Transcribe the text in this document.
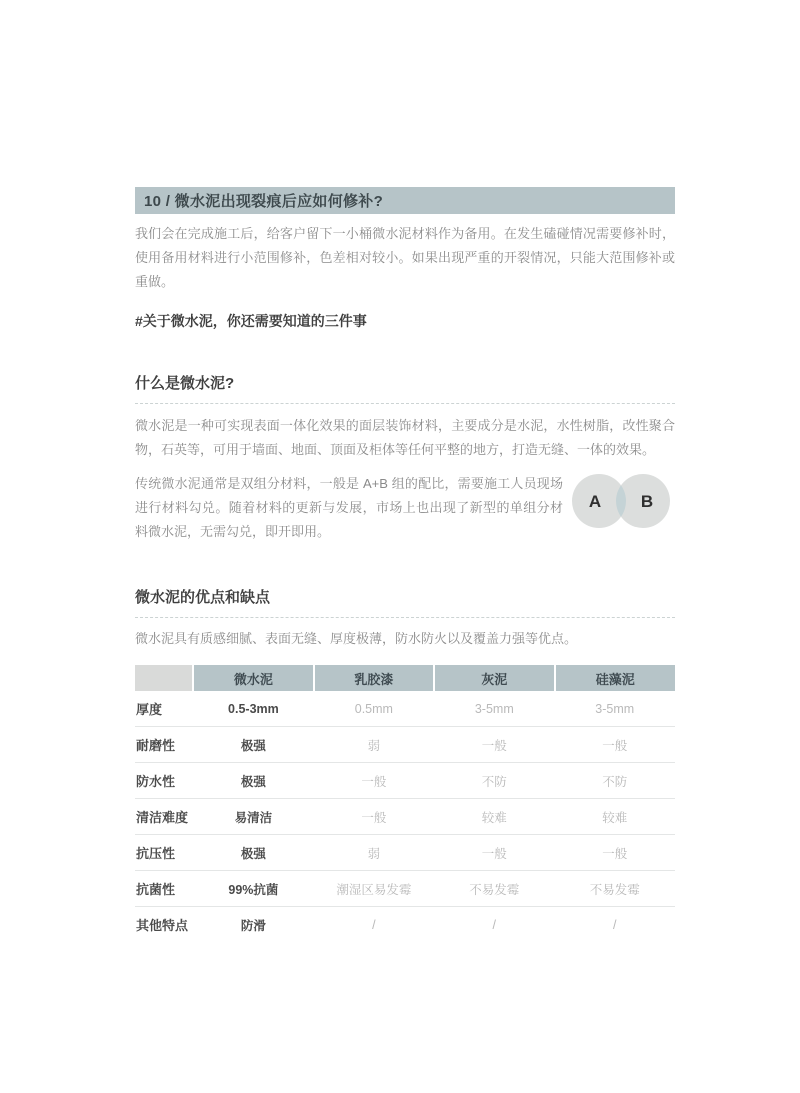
10 / 微水泥出现裂痕后应如何修补?

我们会在完成施工后，给客户留下一小桶微水泥材料作为备用。在发生磕碰情况需要修补时，使用备用材料进行小范围修补，色差相对较小。如果出现严重的开裂情况，只能大范围修补或重做。

#关于微水泥，你还需要知道的三件事
什么是微水泥?

微水泥是一种可实现表面一体化效果的面层装饰材料，主要成分是水泥，水性树脂，改性聚合物，石英等，可用于墙面、地面、顶面及柜体等任何平整的地方，打造无缝、一体的效果。

传统微水泥通常是双组分材料，一般是 A+B 组的配比，需要施工人员现场进行材料勾兑。随着材料的更新与发展，市场上也出现了新型的单组分材料微水泥，无需勾兑，即开即用。

A B
微水泥的优点和缺点

微水泥具有质感细腻、表面无缝、厚度极薄，防水防火以及覆盖力强等优点。

	微水泥	乳胶漆	灰泥	硅藻泥
厚度	0.5-3mm	0.5mm	3-5mm	3-5mm
耐磨性	极强	弱	一般	一般
防水性	极强	一般	不防	不防
清洁难度	易清洁	一般	较难	较难
抗压性	极强	弱	一般	一般
抗菌性	99%抗菌	潮湿区易发霉	不易发霉	不易发霉
其他特点	防滑	/	/	/
